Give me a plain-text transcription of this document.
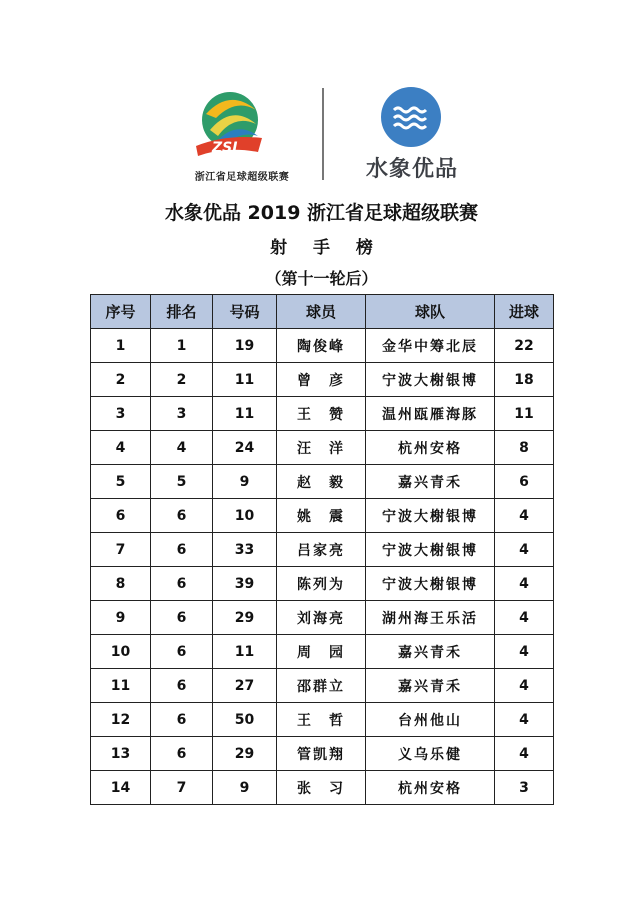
ZSL
浙江省足球超级联赛	水象优品
水象优品 2019 浙江省足球超级联赛
射 手 榜
（第十一轮后）
序号	排名	号码	球员	球队	进球
1	1	19	陶俊峰	金华中筹北辰	22
2	2	11	曾　彦	宁波大榭银博	18
3	3	11	王　赞	温州瓯雁海豚	11
4	4	24	汪　洋	杭州安格	8
5	5	9	赵　毅	嘉兴青禾	6
6	6	10	姚　震	宁波大榭银博	4
7	6	33	吕家亮	宁波大榭银博	4
8	6	39	陈列为	宁波大榭银博	4
9	6	29	刘海亮	湖州海王乐活	4
10	6	11	周　园	嘉兴青禾	4
11	6	27	邵群立	嘉兴青禾	4
12	6	50	王　哲	台州他山	4
13	6	29	管凯翔	义乌乐健	4
14	7	9	张　习	杭州安格	3
